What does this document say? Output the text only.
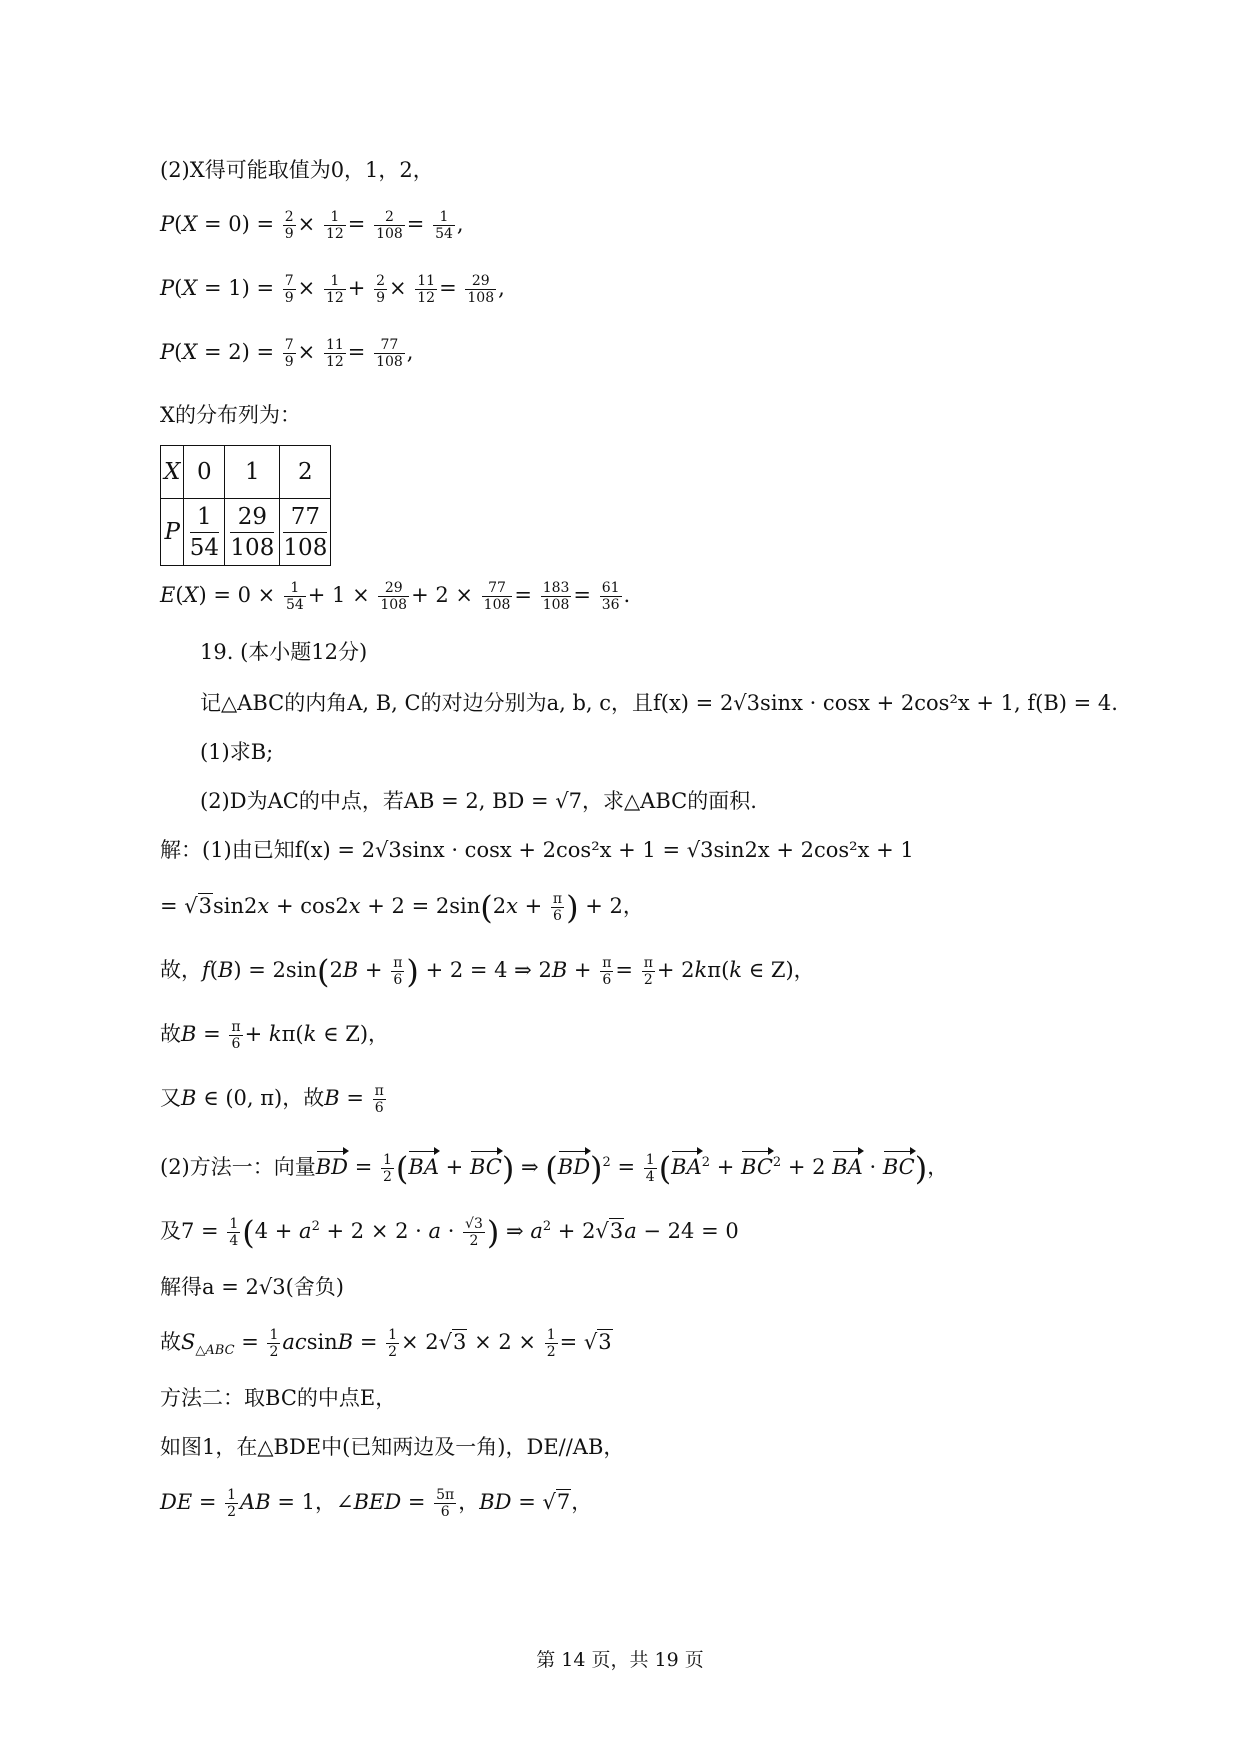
(2)X得可能取值为0，1，2，
$P(X = 0) = \frac{2}{9} \times \frac{1}{12} = \frac{2}{108} = \frac{1}{54}$ ,
$P(X = 1) = \frac{7}{9} \times \frac{1}{12} + \frac{2}{9} \times \frac{11}{12} = \frac{29}{108}$ ,
$P(X = 2) = \frac{7}{9} \times \frac{11}{12} = \frac{77}{108}$ ,
X的分布列为：
X	0	1	2
P	$\frac{1}{54}$	$\frac{29}{108}$	$\frac{77}{108}$
$E(X) = 0 \times \frac{1}{54} + 1 \times \frac{29}{108} + 2 \times \frac{77}{108} = \frac{183}{108} = \frac{61}{36}$ .
19. (本小题12分)
记△ABC的内角A, B, C的对边分别为a, b, c，且f(x) = 2√3sinx · cosx + 2cos²x + 1, f(B) = 4.
(1)求B;
(2)D为AC的中点，若AB = 2, BD = √7，求△ABC的面积.
解：(1)由已知f(x) = 2√3sinx · cosx + 2cos²x + 1 = √3sin2x + 2cos²x + 1
= $√3\sin 2x + \cos 2x + 2 = 2\sin(2x + \frac{\pi}{6}$ ) + 2，
故，$f(B) = 2\sin(2B + \frac{\pi}{6}$ ) + 2 = 4 ⇒ $2B + \frac{\pi}{6} = \frac{\pi}{2} + 2k\pi(k$ ∈ Z)，
故$B = \frac{\pi}{6} + k\pi(k$ ∈ Z)，
又B ∈ (0, π)，故$B = \frac{\pi}{6}$
(2)方法一：向量BD = $\frac{1}{2} (BA + BC)$ ⇒ $(BD)^2 = \frac{1}{4} (BA^2 + BC^2 + 2$ BA · BC)，
及$7 = \frac{1}{4} (4 + a^2 + 2 \times 2 \cdot a \cdot \frac{√3}{2}$ ) ⇒ $a^2 + 2√3a - 24 = 0$
解得a = 2√3(舍负)
故$S_{\triangle ABC} = \frac{1}{2}$ $acsinB = \frac{1}{2} \times 2√3 \times 2 \times \frac{1}{2} = √3$
方法二：取BC的中点E，
如图1，在△BDE中(已知两边及一角)，DE//AB，
DE = $\frac{1}{2}$ AB = 1，∠BED = $\frac{5\pi}{6}$ ，BD = √7，
第 14 页，共 19 页
